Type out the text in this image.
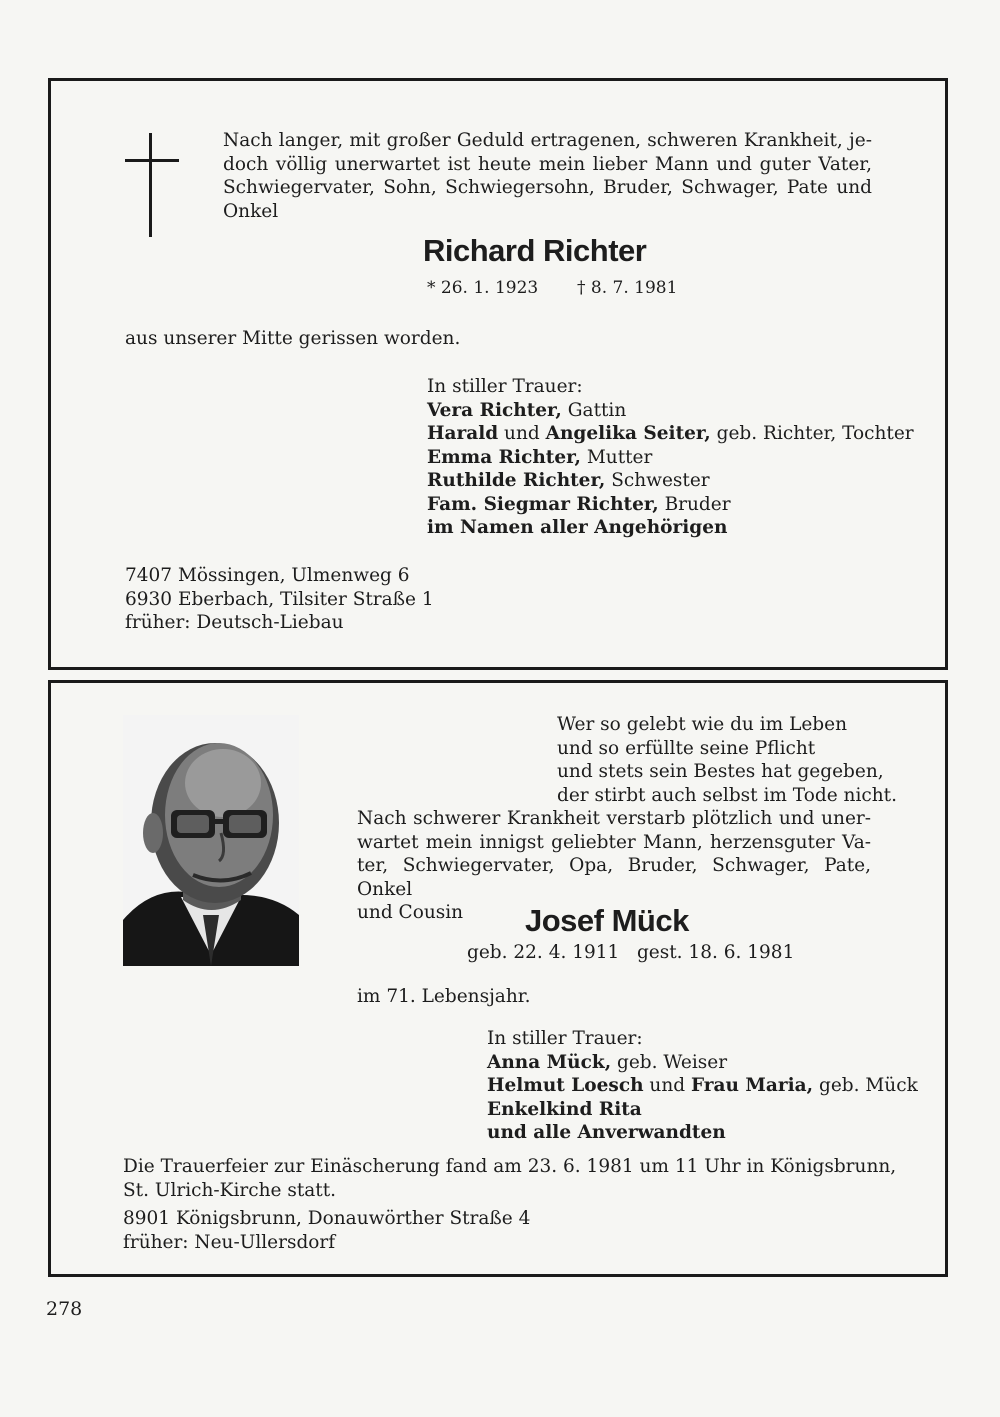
Nach langer, mit großer Geduld ertragenen, schweren Krankheit, je-
doch völlig unerwartet ist heute mein lieber Mann und guter Vater,
Schwiegervater, Sohn, Schwiegersohn, Bruder, Schwager, Pate und
Onkel
Richard Richter
* 26. 1. 1923 † 8. 7. 1981
aus unserer Mitte gerissen worden.
In stiller Trauer:
Vera Richter, Gattin
Harald und Angelika Seiter, geb. Richter, Tochter
Emma Richter, Mutter
Ruthilde Richter, Schwester
Fam. Siegmar Richter, Bruder
im Namen aller Angehörigen
7407 Mössingen, Ulmenweg 6
6930 Eberbach, Tilsiter Straße 1
früher: Deutsch-Liebau
Wer so gelebt wie du im Leben
und so erfüllte seine Pflicht
und stets sein Bestes hat gegeben,
der stirbt auch selbst im Tode nicht.
Nach schwerer Krankheit verstarb plötzlich und uner-
wartet mein innigst geliebter Mann, herzensguter Va-
ter, Schwiegervater, Opa, Bruder, Schwager, Pate, Onkel
und Cousin	Josef Mück
geb. 22. 4. 1911   gest. 18. 6. 1981
im 71. Lebensjahr.
In stiller Trauer:
Anna Mück, geb. Weiser
Helmut Loesch und Frau Maria, geb. Mück
Enkelkind Rita
und alle Anverwandten
Die Trauerfeier zur Einäscherung fand am 23. 6. 1981 um 11 Uhr in Königsbrunn,
St. Ulrich-Kirche statt.
8901 Königsbrunn, Donauwörther Straße 4
früher: Neu-Ullersdorf
278
